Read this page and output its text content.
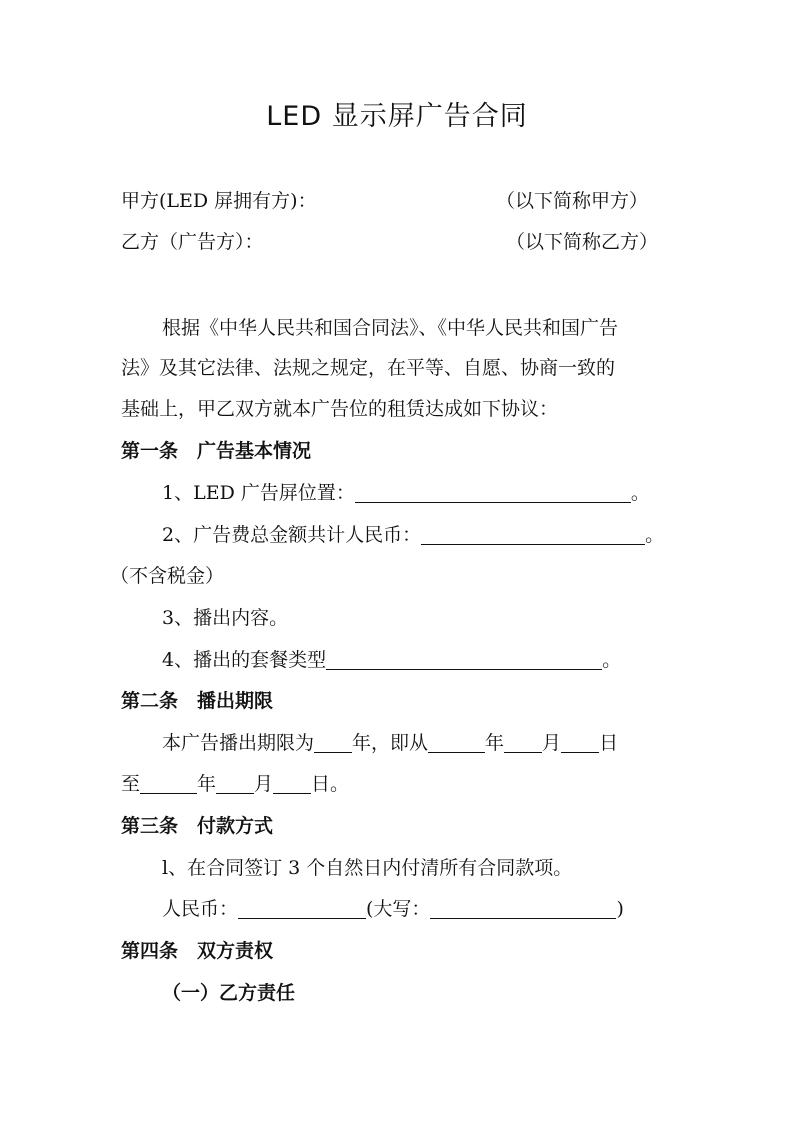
LED 显示屏广告合同
甲方(LED 屏拥有方)：	（以下简称甲方）
乙方（广告方）：	（以下简称乙方）
根据《中华人民共和国合同法》、《中华人民共和国广告
法》及其它法律、法规之规定，在平等、自愿、协商一致的
基础上，甲乙双方就本广告位的租赁达成如下协议：
第一条　广告基本情况
1、LED 广告屏位置：	。
2、广告费总金额共计人民币：	。
（不含税金）
3、播出内容。
4、播出的套餐类型	。
第二条　播出期限
本广告播出期限为 年，即从	年 月 日
至	年 月 日。
第三条　付款方式
l、在合同签订 3 个自然日内付清所有合同款项。
人民币：	(大写：	)
第四条　双方责权
（一）乙方责任
